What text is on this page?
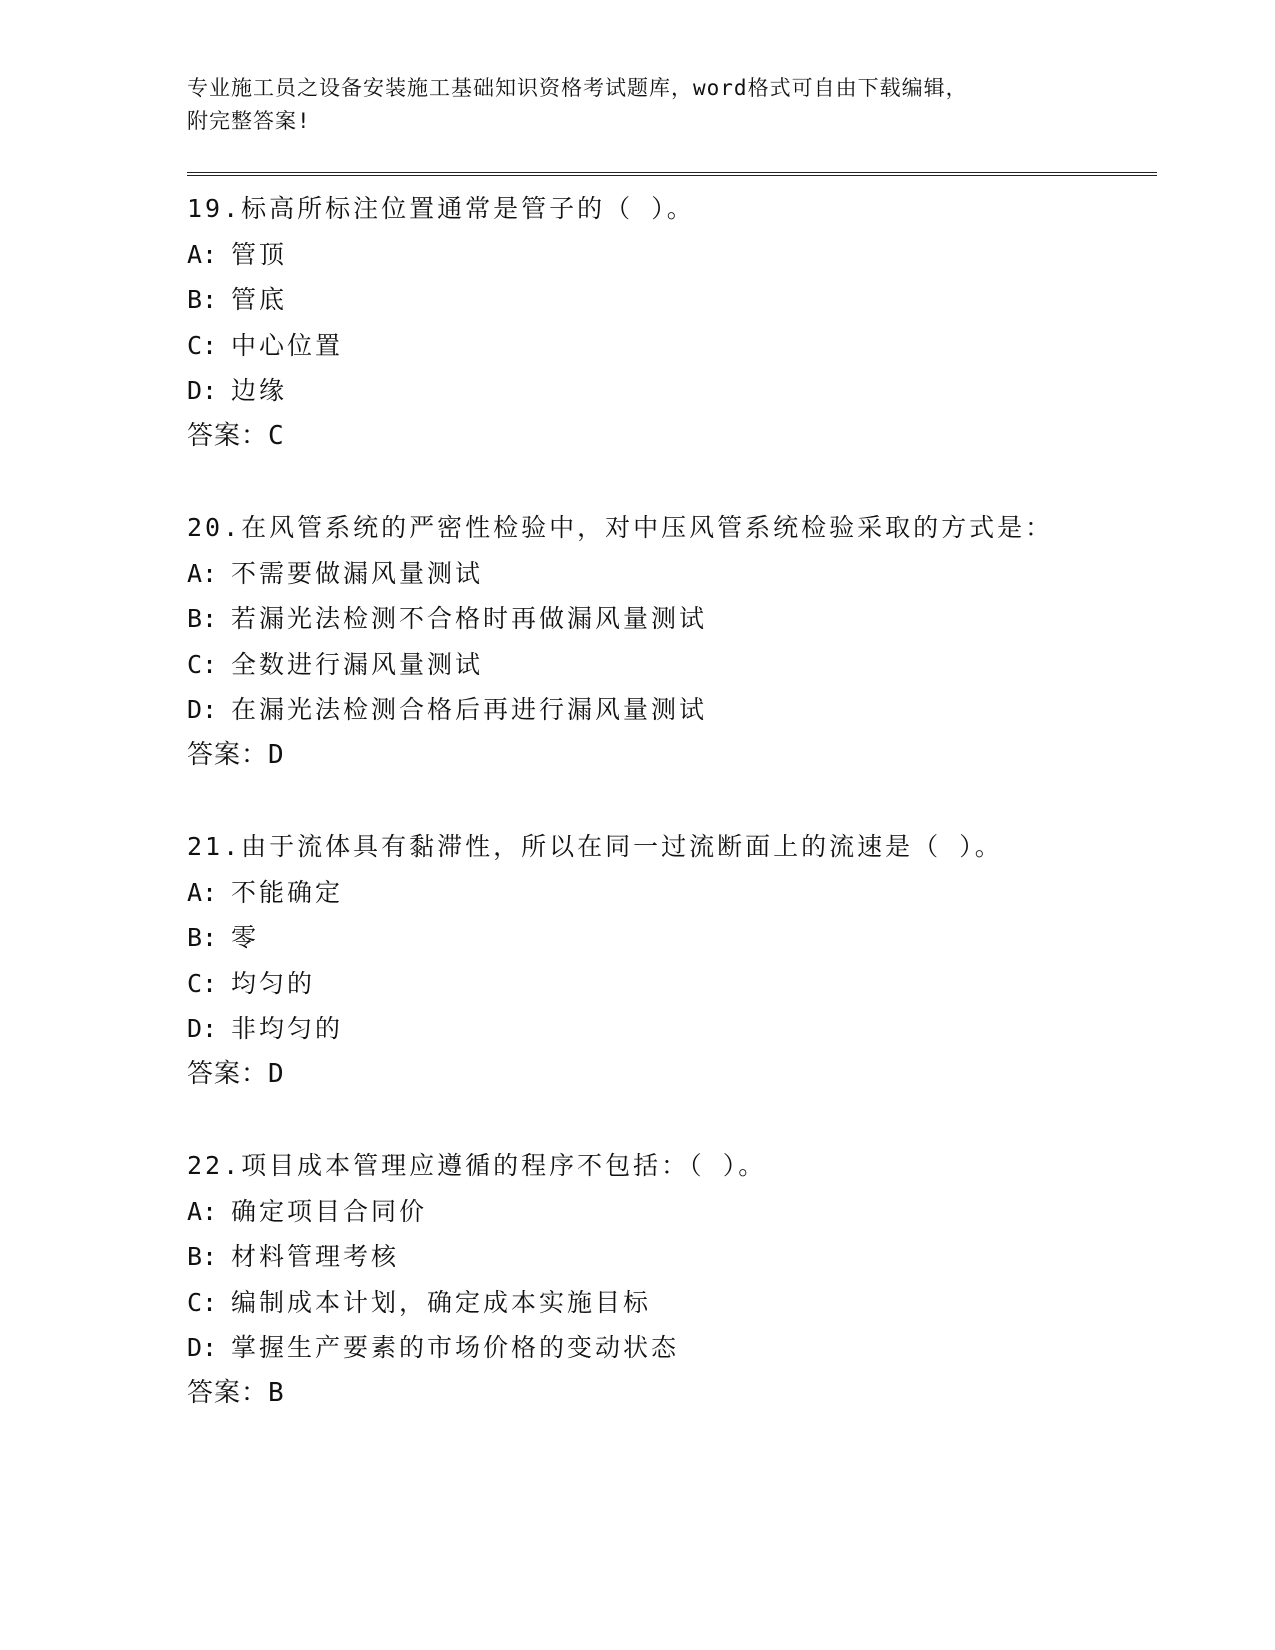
专业施工员之设备安装施工基础知识资格考试题库，word格式可自由下载编辑，
附完整答案!
19.标高所标注位置通常是管子的（ ）。
A: 管顶
B: 管底
C: 中心位置
D: 边缘
答案：C
20.在风管系统的严密性检验中，对中压风管系统检验采取的方式是：
A: 不需要做漏风量测试
B: 若漏光法检测不合格时再做漏风量测试
C: 全数进行漏风量测试
D: 在漏光法检测合格后再进行漏风量测试
答案：D
21.由于流体具有黏滞性，所以在同一过流断面上的流速是（ ）。
A: 不能确定
B: 零
C: 均匀的
D: 非均匀的
答案：D
22.项目成本管理应遵循的程序不包括：（ ）。
A: 确定项目合同价
B: 材料管理考核
C: 编制成本计划，确定成本实施目标
D: 掌握生产要素的市场价格的变动状态
答案：B
